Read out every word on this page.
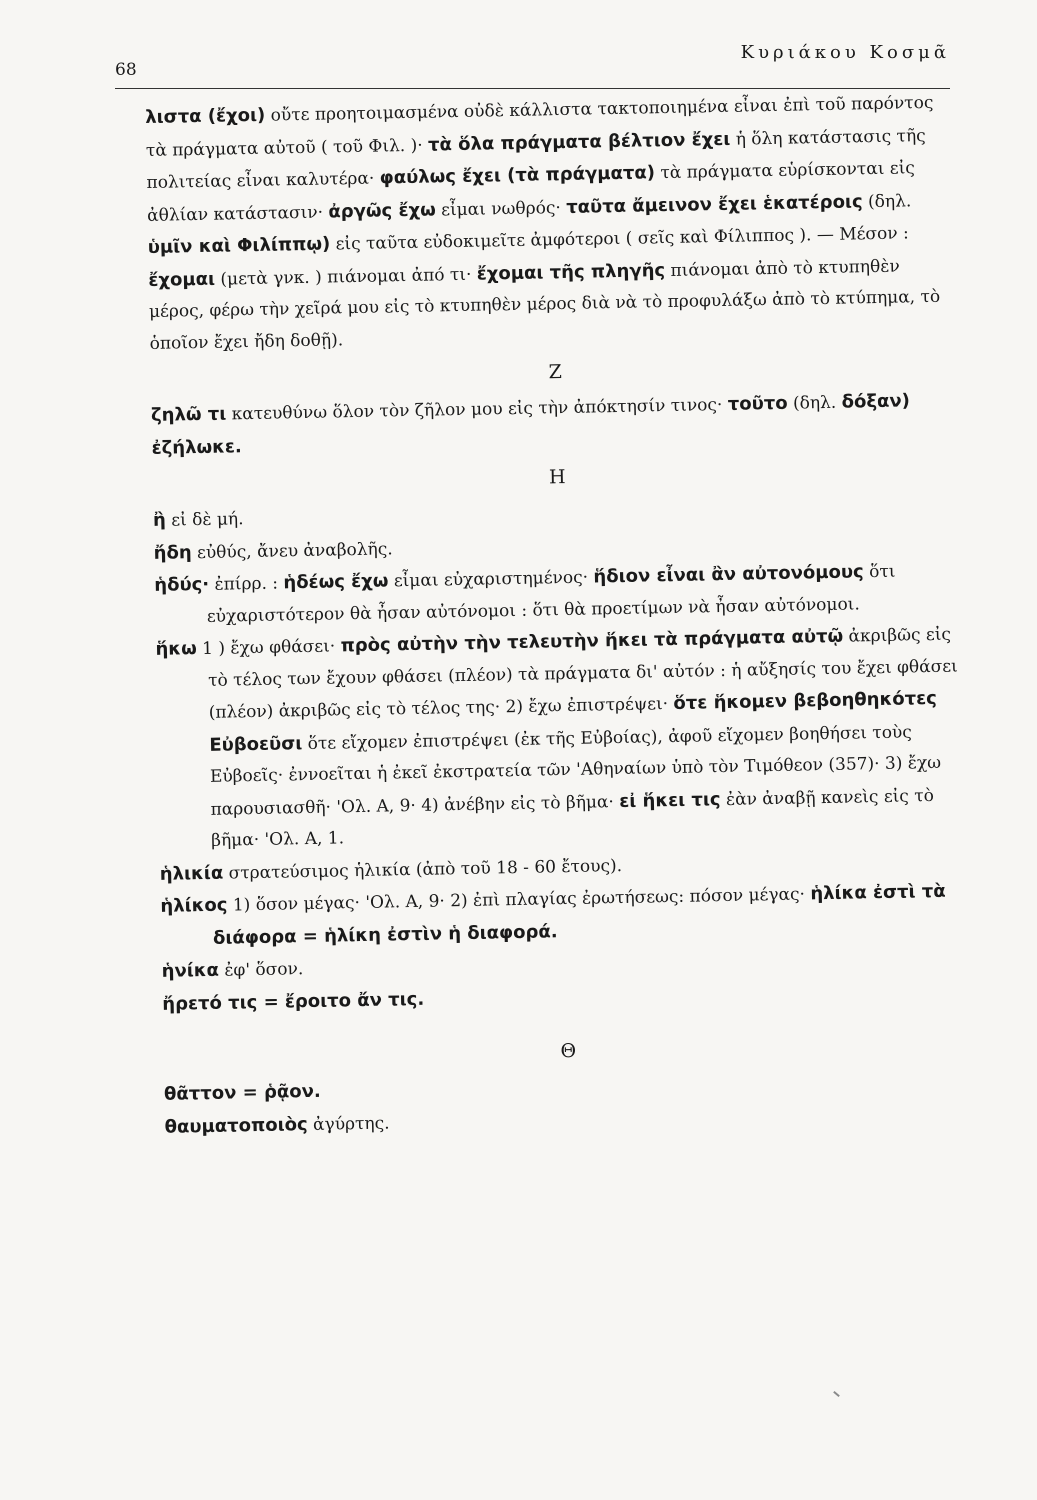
68
Κυριάκου Κοσμᾶ

λιστα (ἔχοι) οὔτε προητοιμασμένα οὐδὲ κάλλιστα τακτοποιημένα εἶναι ἐπὶ τοῦ παρόντος τὰ πράγματα αὐτοῦ ( τοῦ Φιλ. )· τὰ ὅλα πράγματα βέλτιον ἔχει ἡ ὅλη κατάστασις τῆς πολιτείας εἶναι καλυτέρα· φαύλως ἔχει (τὰ πράγματα) τὰ πράγματα εὑρίσκονται εἰς ἀθλίαν κατάστασιν· ἀργῶς ἔχω εἶμαι νωθρός· ταῦτα ἄμεινον ἔχει ἑκατέροις (δηλ. ὑμῖν καὶ Φιλίππῳ) εἰς ταῦτα εὐδοκιμεῖτε ἀμφότεροι ( σεῖς καὶ Φίλιππος ). — Μέσον : ἔχομαι (μετὰ γνκ. ) πιάνομαι ἀπό τι· ἔχομαι τῆς πληγῆς πιάνομαι ἀπὸ τὸ κτυπηθὲν μέρος, φέρω τὴν χεῖρά μου εἰς τὸ κτυπηθὲν μέρος διὰ νὰ τὸ προφυλάξω ἀπὸ τὸ κτύπημα, τὸ ὁποῖον ἔχει ἤδη δοθῇ).

Ζ

ζηλῶ τι κατευθύνω ὅλον τὸν ζῆλον μου εἰς τὴν ἀπόκτησίν τινος· τοῦτο (δηλ. δόξαν) ἐζήλωκε.

Η

ἢ εἰ δὲ μή.

ἤδη εὐθύς, ἄνευ ἀναβολῆς.

ἡδύς· ἐπίρρ. : ἡδέως ἔχω εἶμαι εὐχαριστημένος· ἥδιον εἶναι ἂν αὐτονόμους ὅτι εὐχαριστότερον θὰ ἦσαν αὐτόνομοι : ὅτι θὰ προετίμων νὰ ἦσαν αὐτόνομοι.

ἥκω 1 ) ἔχω φθάσει· πρὸς αὐτὴν τὴν τελευτὴν ἥκει τὰ πράγματα αὐτῷ ἀκριβῶς εἰς τὸ τέλος των ἔχουν φθάσει (πλέον) τὰ πράγματα δι' αὐτόν : ἡ αὔξησίς του ἔχει φθάσει (πλέον) ἀκριβῶς εἰς τὸ τέλος της· 2) ἔχω ἐπιστρέψει· ὅτε ἥκομεν βεβοηθηκότες Εὐβοεῦσι ὅτε εἴχομεν ἐπιστρέψει (ἐκ τῆς Εὐβοίας), ἀφοῦ εἴχομεν βοηθήσει τοὺς Εὐβοεῖς· ἐννοεῖται ἡ ἐκεῖ ἐκστρατεία τῶν 'Αθηναίων ὑπὸ τὸν Τιμόθεον (357)· 3) ἔχω παρουσιασθῆ· 'Ολ. Α, 9· 4) ἀνέβην εἰς τὸ βῆμα· εἰ ἥκει τις ἐὰν ἀναβῇ κανεὶς εἰς τὸ βῆμα· 'Ολ. Α, 1.

ἡλικία στρατεύσιμος ἡλικία (ἀπὸ τοῦ 18 - 60 ἔτους).

ἡλίκος 1) ὅσον μέγας· 'Ολ. Α, 9· 2) ἐπὶ πλαγίας ἐρωτήσεως: πόσον μέγας· ἡλίκα ἐστὶ τὰ διάφορα = ἡλίκη ἐστὶν ἡ διαφορά.

ἡνίκα ἐφ' ὅσον.

ἤρετό τις = ἔροιτο ἄν τις.

Θ

θᾶττον = ῥᾷον.

θαυματοποιὸς ἀγύρτης.
